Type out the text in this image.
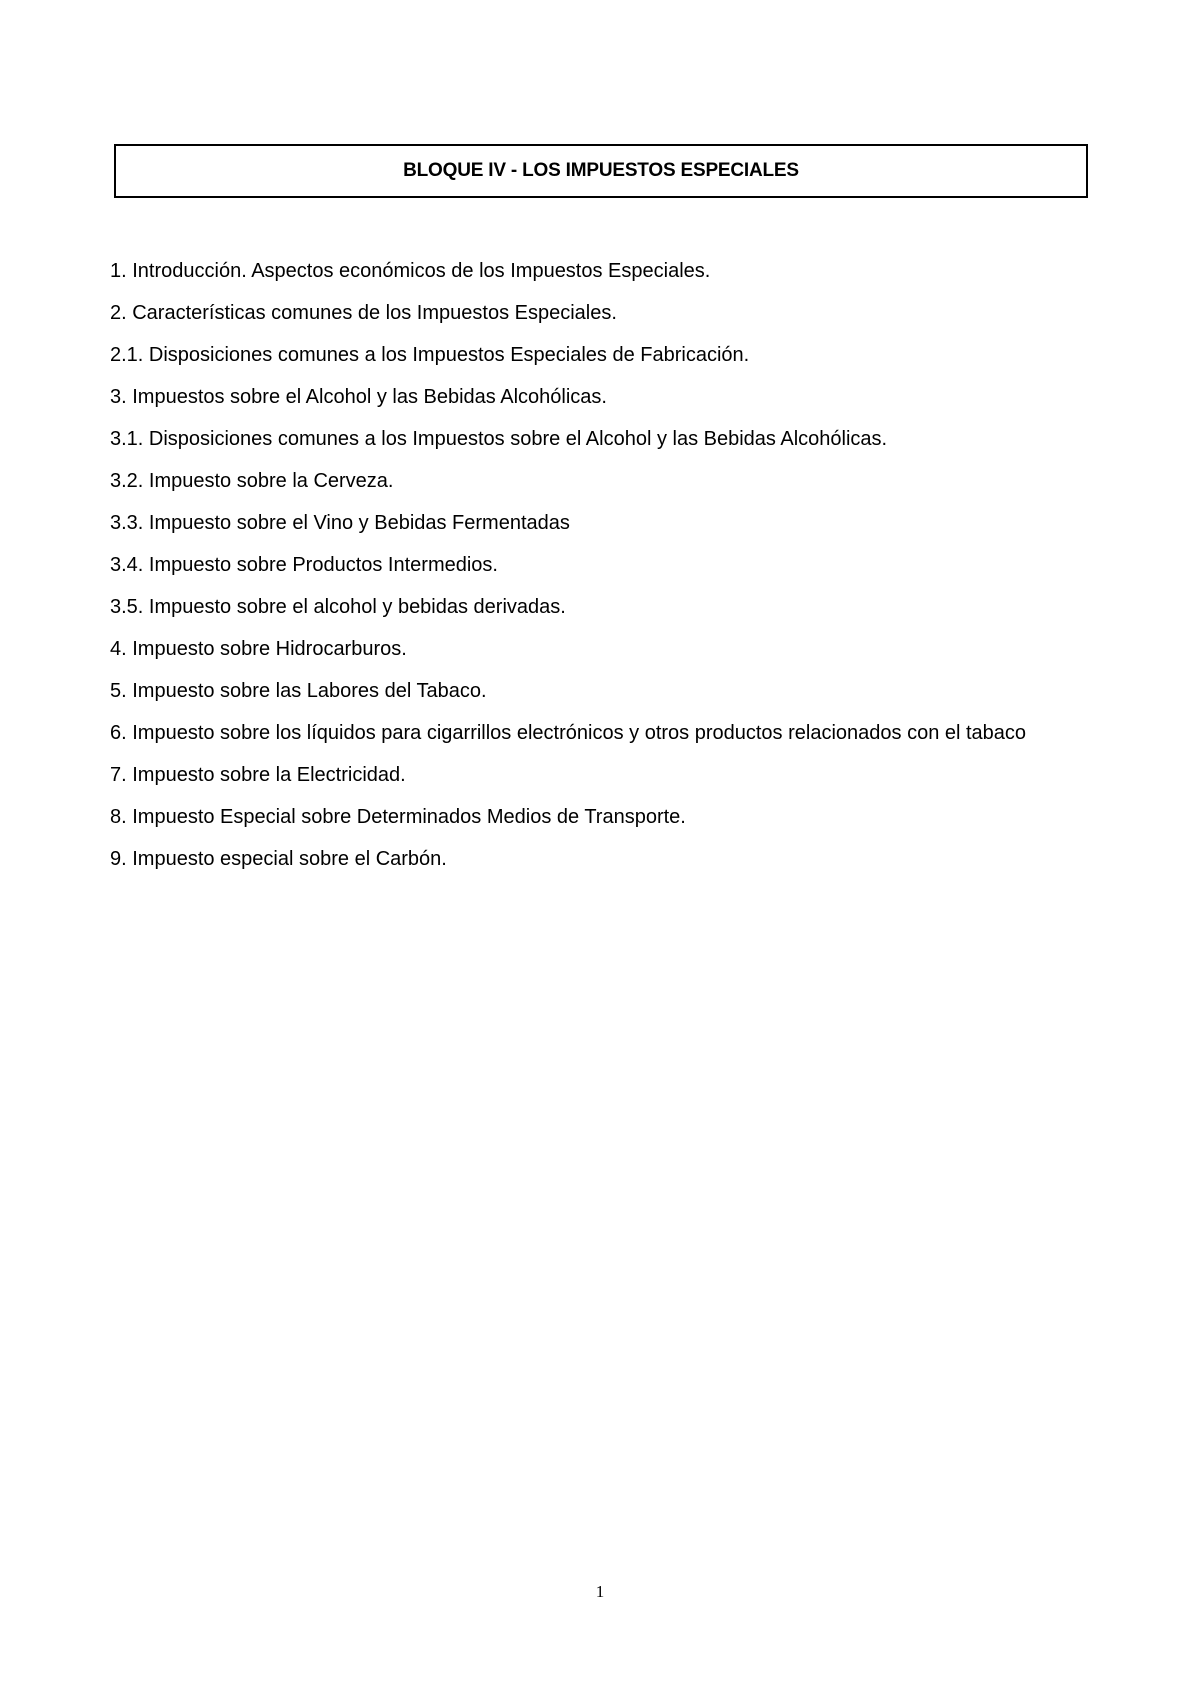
BLOQUE IV - LOS IMPUESTOS ESPECIALES
1. Introducción. Aspectos económicos de los Impuestos Especiales.
2. Características comunes de los Impuestos Especiales.
2.1. Disposiciones comunes a los Impuestos Especiales de Fabricación.
3. Impuestos sobre el Alcohol y las Bebidas Alcohólicas.
3.1. Disposiciones comunes a los Impuestos sobre el Alcohol y las Bebidas Alcohólicas.
3.2. Impuesto sobre la Cerveza.
3.3. Impuesto sobre el Vino y Bebidas Fermentadas
3.4. Impuesto sobre Productos Intermedios.
3.5. Impuesto sobre el alcohol y bebidas derivadas.
4. Impuesto sobre Hidrocarburos.
5. Impuesto sobre las Labores del Tabaco.
6. Impuesto sobre los líquidos para cigarrillos electrónicos y otros productos relacionados con el tabaco
7. Impuesto sobre la Electricidad.
8. Impuesto Especial sobre Determinados Medios de Transporte.
9. Impuesto especial sobre el Carbón.
1
